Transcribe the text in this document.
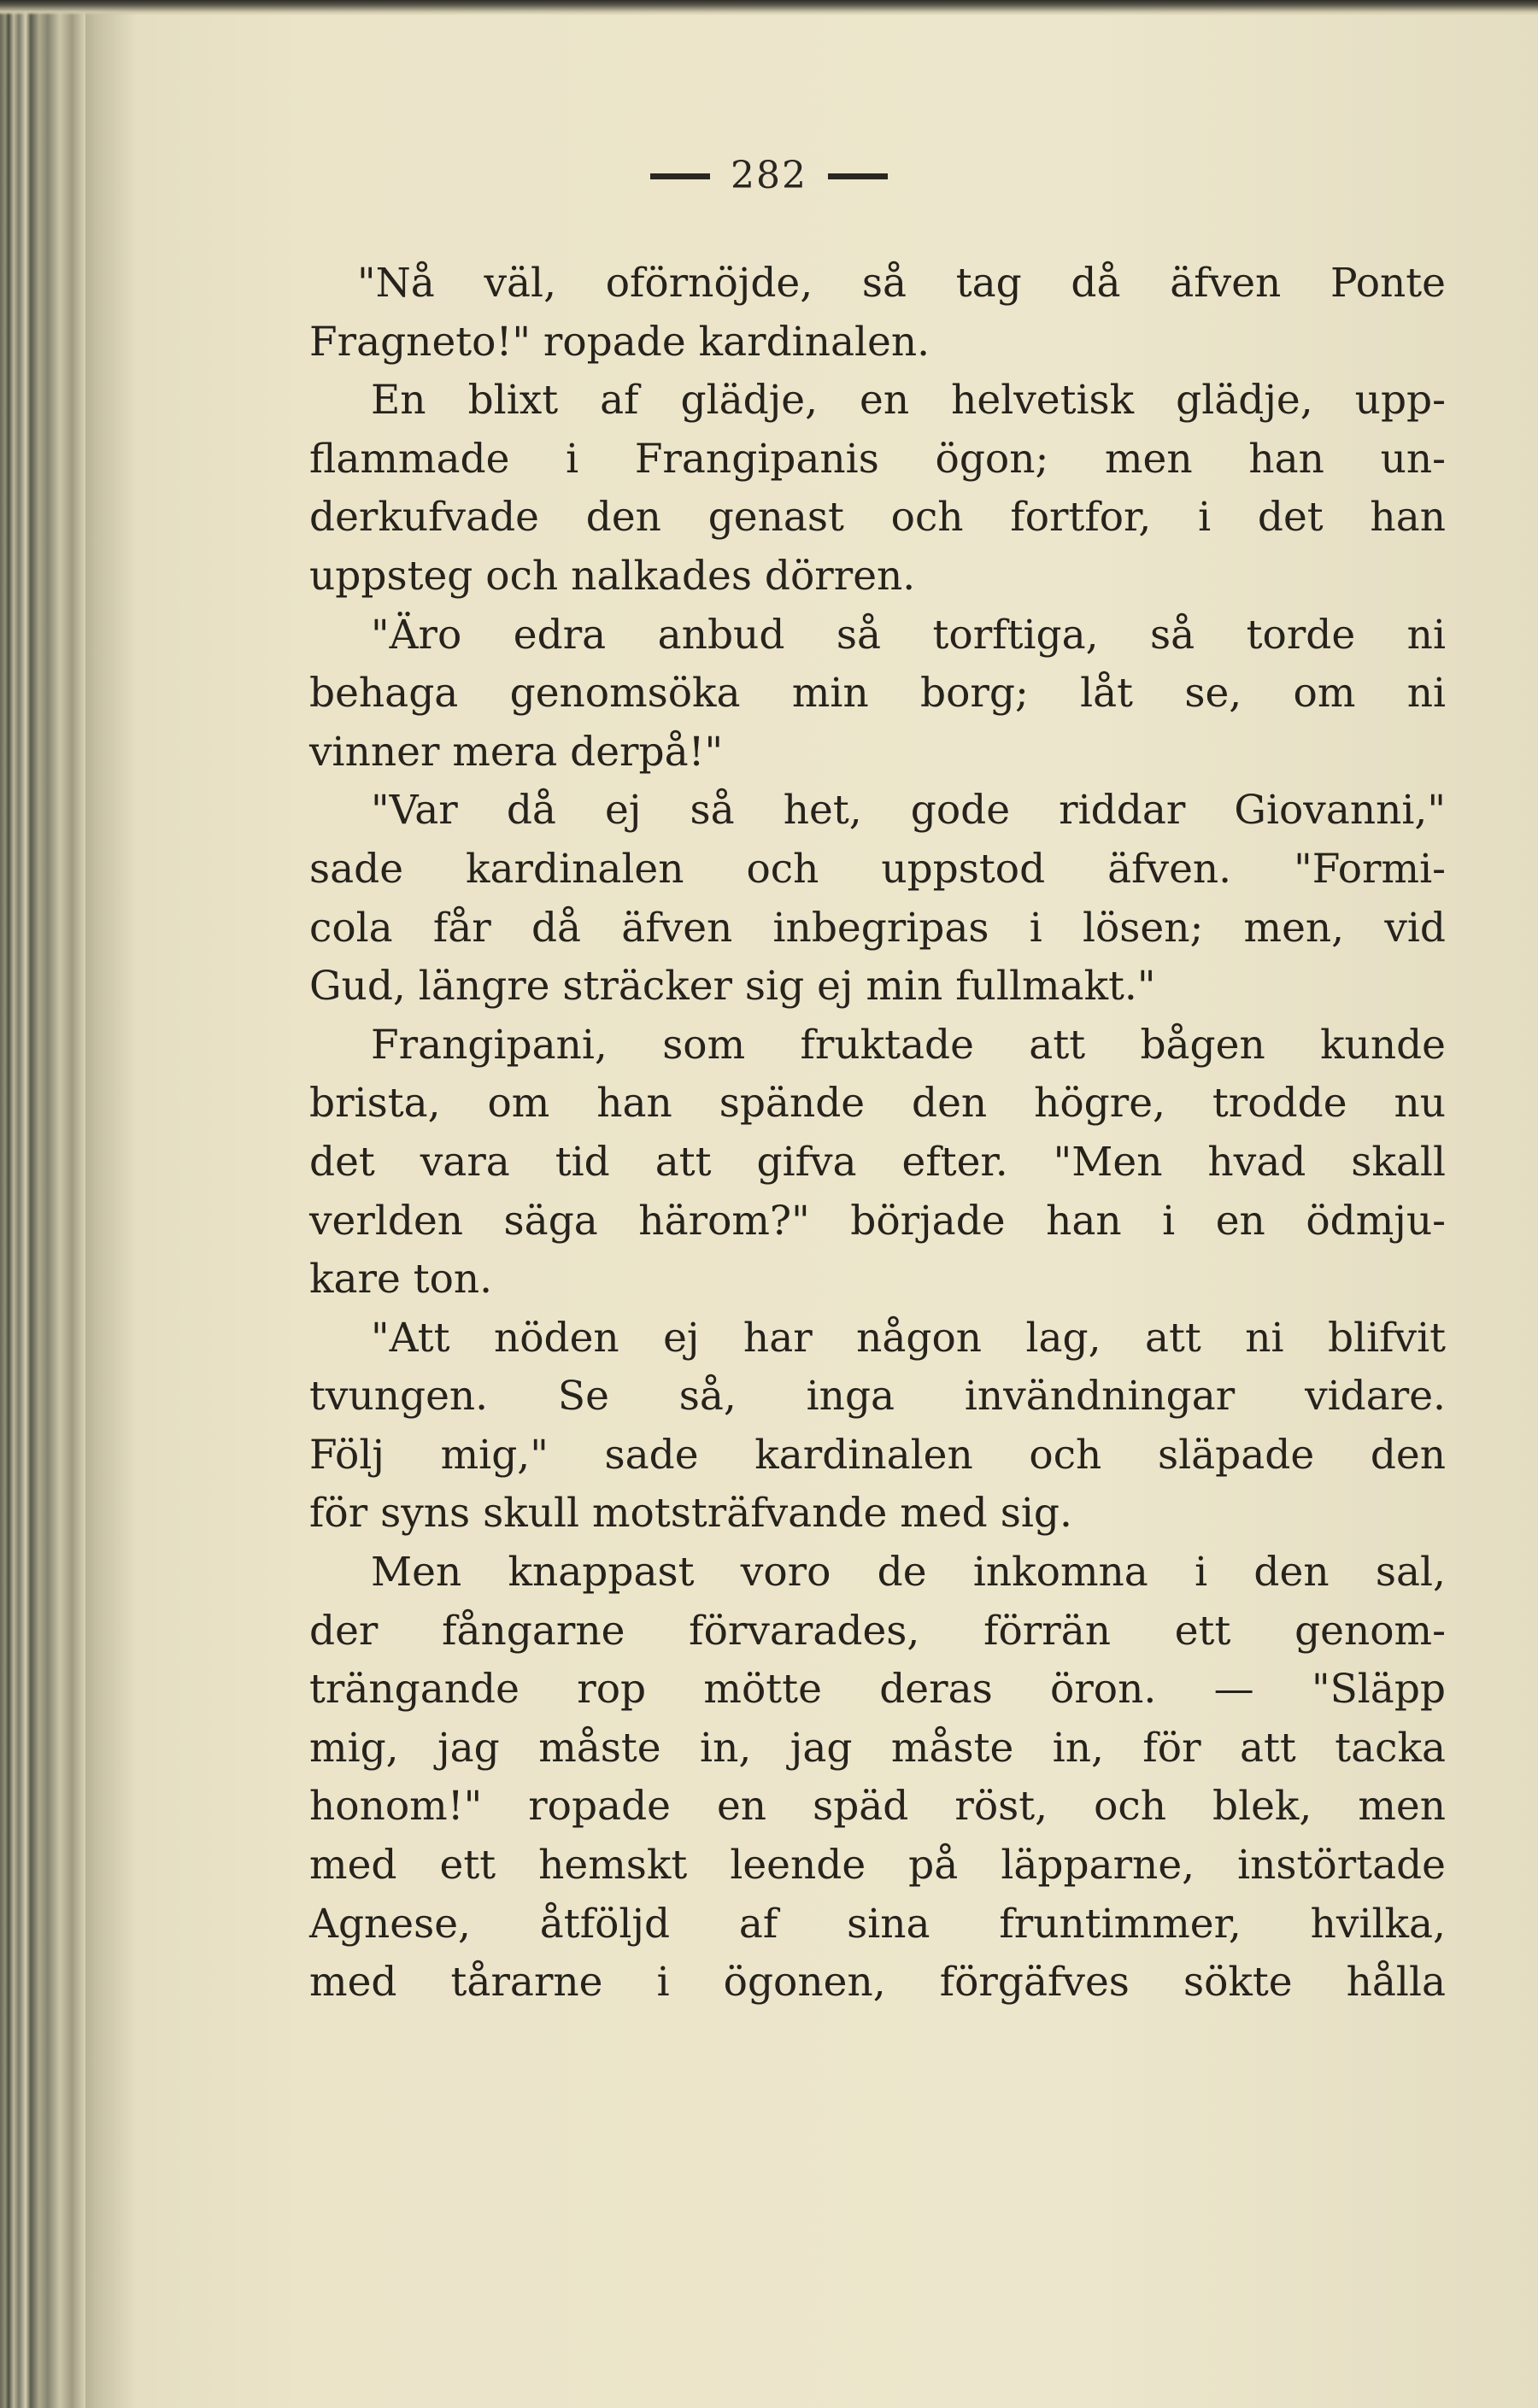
282
"Nå väl, oförnöjde, så tag då äfven Ponte
Fragneto!" ropade kardinalen.
En blixt af glädje, en helvetisk glädje, upp-
flammade i Frangipanis ögon; men han un-
derkufvade den genast och fortfor, i det han
uppsteg och nalkades dörren.
"Äro edra anbud så torftiga, så torde ni
behaga genomsöka min borg; låt se, om ni
vinner mera derpå!"
"Var då ej så het, gode riddar Giovanni,"
sade kardinalen och uppstod äfven. "Formi-
cola får då äfven inbegripas i lösen; men, vid
Gud, längre sträcker sig ej min fullmakt."
Frangipani, som fruktade att bågen kunde
brista, om han spände den högre, trodde nu
det vara tid att gifva efter. "Men hvad skall
verlden säga härom?" började han i en ödmju-
kare ton.
"Att nöden ej har någon lag, att ni blifvit
tvungen. Se så, inga invändningar vidare.
Följ mig," sade kardinalen och släpade den
för syns skull motsträfvande med sig.
Men knappast voro de inkomna i den sal,
der fångarne förvarades, förrän ett genom-
trängande rop mötte deras öron. — "Släpp
mig, jag måste in, jag måste in, för att tacka
honom!" ropade en späd röst, och blek, men
med ett hemskt leende på läpparne, instörtade
Agnese, åtföljd af sina fruntimmer, hvilka,
med tårarne i ögonen, förgäfves sökte hålla
